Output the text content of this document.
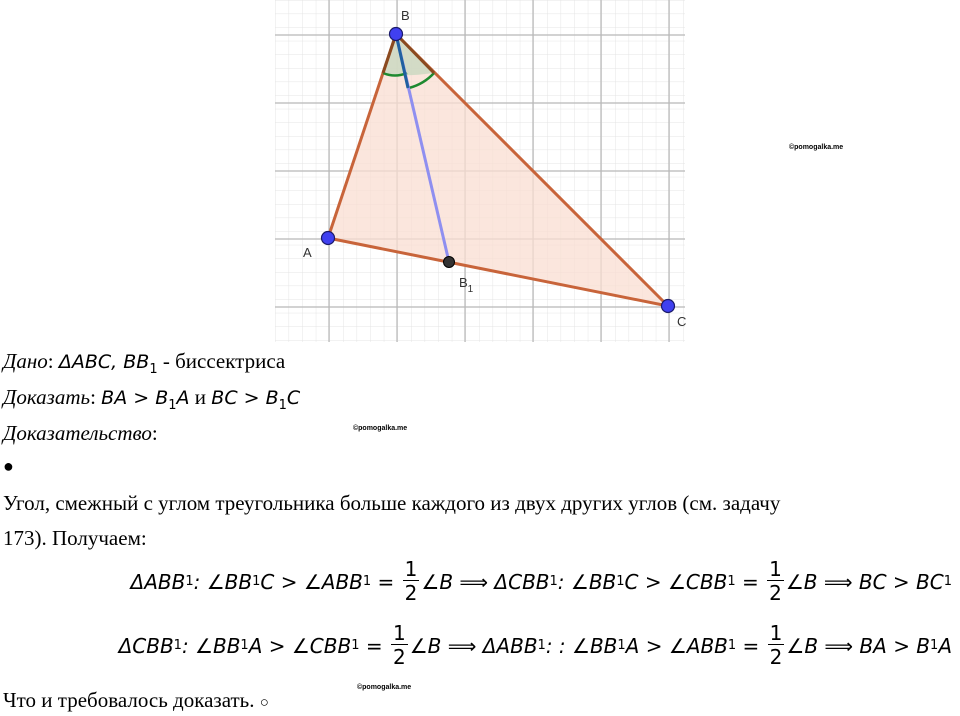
B
A
C
$B_1$
©pomogalka.me
©pomogalka.me
©pomogalka.me
Дано: ΔABC, $BB_1$ - биссектриса
Доказать: BA > $B_1A$ и BC > $B_1C$
Доказательство:
●
Угол, смежный с углом треугольника больше каждого из двух других углов (см. задачу
173). Получаем:
ΔABB 1 : ∠BB 1 C > ∠ABB $1 = \frac{1}{2}$ ∠B ⟹ ΔCBB 1 : ∠BB 1 C > ∠CBB $1 = \frac{1}{2}$ ∠B ⟹ BC > BC 1
ΔCBB 1 : ∠BB 1 A > ∠CBB $1 = \frac{1}{2}$ ∠B ⟹ ΔABB 1 : : ∠BB 1 A > ∠ABB $1 = \frac{1}{2}$ ∠B ⟹ BA > B 1 A
Что и требовалось доказать. ○
